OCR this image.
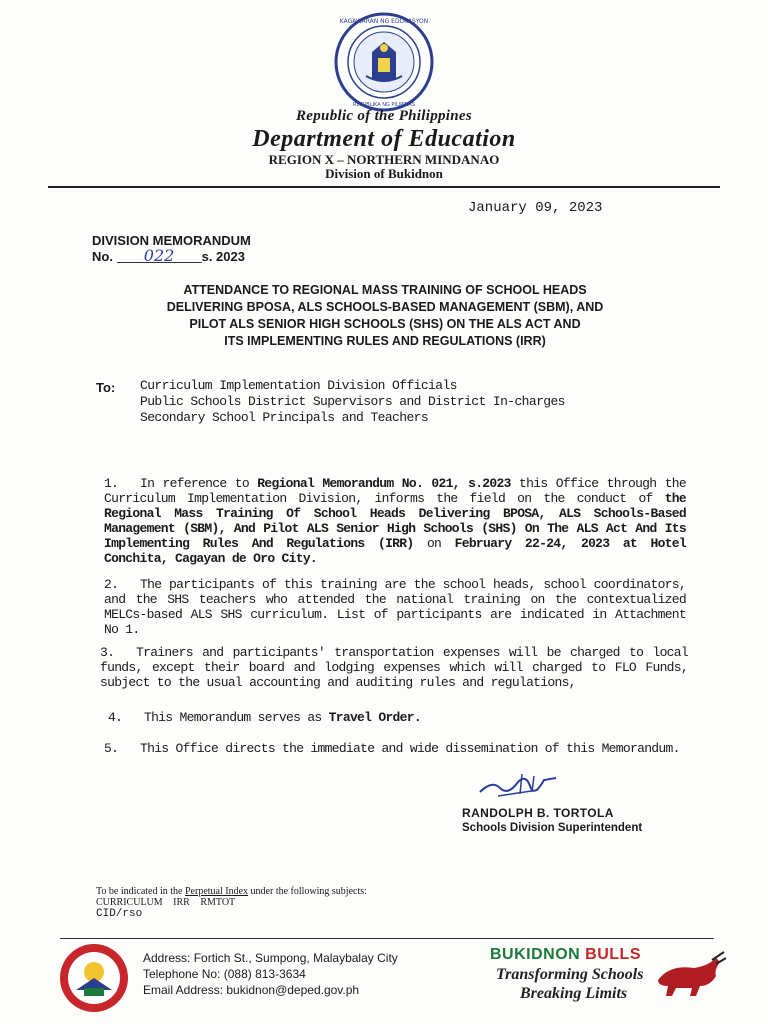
KAGAWARAN NG EDUKASYON
REPUBLIKA NG PILIPINAS
Republic of the Philippines
Department of Education
REGION X – NORTHERN MINDANAO
Division of Bukidnon
January 09, 2023
DIVISION MEMORANDUM
No. 022 s. 2023
ATTENDANCE TO REGIONAL MASS TRAINING OF SCHOOL HEADS
DELIVERING BPOSA, ALS SCHOOLS-BASED MANAGEMENT (SBM), AND
PILOT ALS SENIOR HIGH SCHOOLS (SHS) ON THE ALS ACT AND
ITS IMPLEMENTING RULES AND REGULATIONS (IRR)
To: Curriculum Implementation Division Officials
Public Schools District Supervisors and District In-charges
Secondary School Principals and Teachers
1. In reference to Regional Memorandum No. 021, s.2023 this Office through the Curriculum Implementation Division, informs the field on the conduct of the Regional Mass Training Of School Heads Delivering BPOSA, ALS Schools-Based Management (SBM), And Pilot ALS Senior High Schools (SHS) On The ALS Act And Its Implementing Rules And Regulations (IRR) on February 22-24, 2023 at Hotel Conchita, Cagayan de Oro City.
2. The participants of this training are the school heads, school coordinators, and the SHS teachers who attended the national training on the contextualized MELCs-based ALS SHS curriculum. List of participants are indicated in Attachment No 1.
3. Trainers and participants' transportation expenses will be charged to local funds, except their board and lodging expenses which will charged to FLO Funds, subject to the usual accounting and auditing rules and regulations,
4. This Memorandum serves as Travel Order.
5. This Office directs the immediate and wide dissemination of this Memorandum.
RANDOLPH B. TORTOLA
Schools Division Superintendent
To be indicated in the Perpetual Index under the following subjects:
CURRICULUM IRR RMTOT
CID/rso
Address: Fortich St., Sumpong, Malaybalay City
Telephone No: (088) 813-3634
Email Address: bukidnon@deped.gov.ph
BUKIDNON BULLS
Transforming Schools
Breaking Limits
